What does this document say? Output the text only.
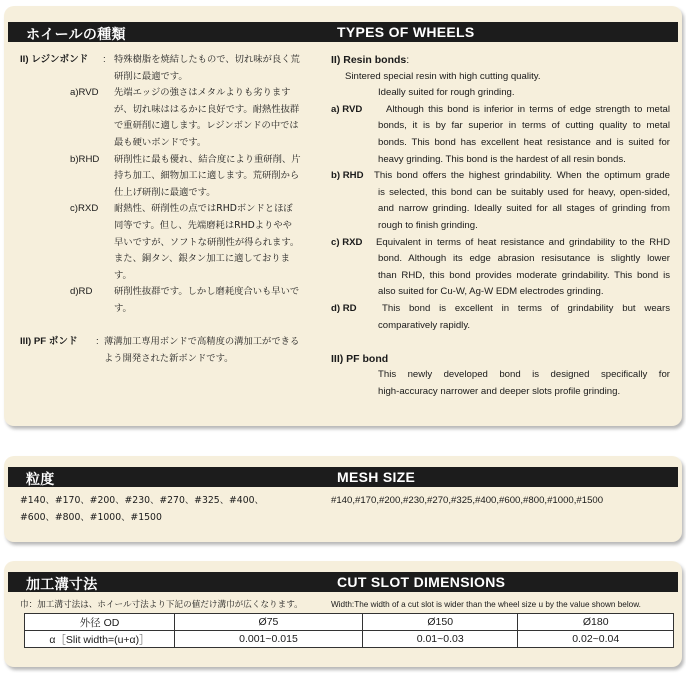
ホイールの種類	TYPES OF WHEELS
II) レジンボンド : 特殊樹脂を焼結したもので、切れ味が良く荒
研削に最適です。
a)RVD 先端エッジの強さはメタルよりも劣ります
が、切れ味ははるかに良好です。耐熱性抜群
で重研削に適します。レジンボンドの中では
最も硬いボンドです。
b)RHD 研削性に最も優れ、結合度により重研削、片
持ち加工、細物加工に適します。荒研削から
仕上げ研削に最適です。
c)RXD 耐熱性、研削性の点ではRHDボンドとほぼ
同等です。但し、先端磨耗はRHDよりやや
早いですが、ソフトな研削性が得られます。
また、銅タン、銀タン加工に適しておりま
す。
d)RD 研削性抜群です。しかし磨耗度合いも早いで
す。
III) PF ボンド : 薄溝加工専用ボンドで高精度の溝加工ができる
よう開発された新ボンドです。
II) Resin bonds:
Sintered special resin with high cutting quality.
Ideally suited for rough grinding.
a) RVD Although this bond is inferior in terms of edge strength to metal
bonds, it is by far superior in terms of cutting quality to metal
bonds. This bond has excellent heat resistance and is suited for
heavy grinding. This bond is the hardest of all resin bonds.
b) RHD This bond offers the highest grindability. When the optimum grade
is selected, this bond can be suitably used for heavy, open-sided,
and narrow grinding. Ideally suited for all stages of grinding from
rough to finish grinding.
c) RXD Equivalent in terms of heat resistance and grindability to the RHD
bond. Although its edge abrasion resisutance is slightly lower
than RHD, this bond provides moderate grindability. This bond is
also suited for Cu-W, Ag-W EDM electrodes grinding.
d) RD	This bond is excellent in terms of grindability but wears
comparatively rapidly.
III) PF bond
This newly developed bond is designed specifically for
high-accuracy narrower and deeper slots profile grinding.
粒度	MESH SIZE
#140、#170、#200、#230、#270、#325、#400、
#600、#800、#1000、#1500
#140,#170,#200,#230,#270,#325,#400,#600,#800,#1000,#1500
加工溝寸法	CUT SLOT DIMENSIONS
巾：加工溝寸法は、ホイール寸法より下記の値だけ溝巾が広くなります。	Width:The width of a cut slot is wider than the wheel size u by the value shown below.
外径 OD	Ø75	Ø150	Ø180
α［Slit width=(u+α)］	0.001~0.015	0.01~0.03	0.02~0.04
